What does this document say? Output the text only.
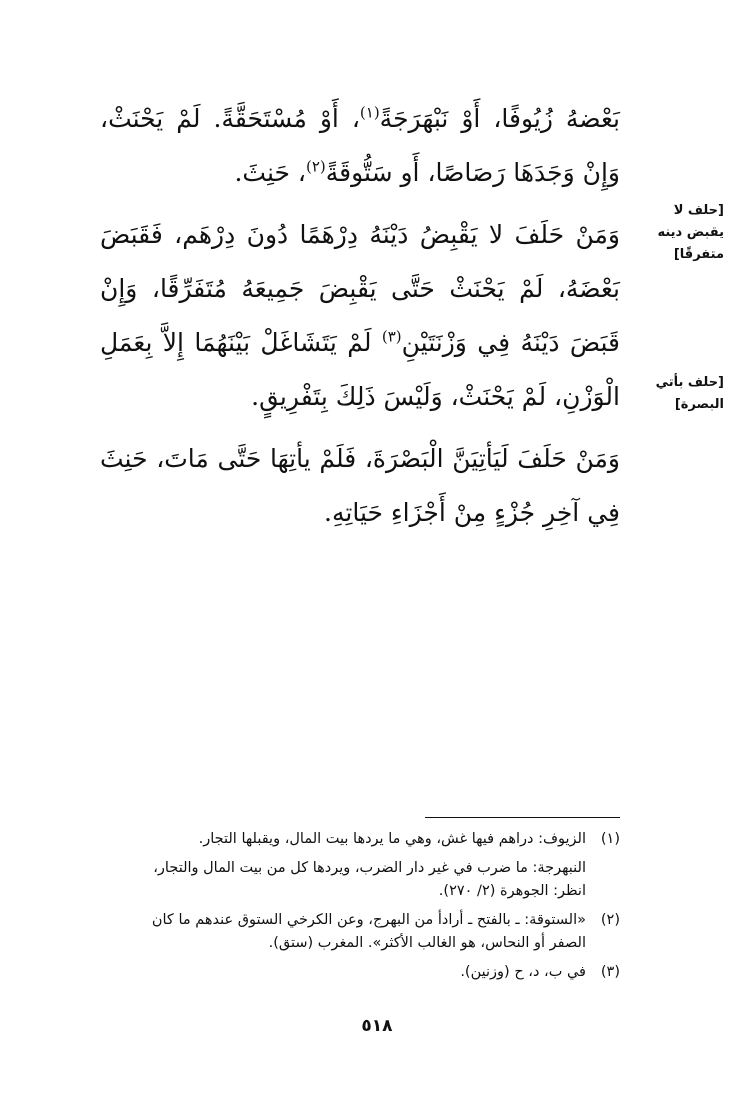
بَعْضهُ زُيُوفًا، أَوْ نَبْهَرَجَةً$^{(١)}$، أَوْ مُسْتَحَقَّةً. لَمْ يَحْنَثْ، وَإِنْ وَجَدَهَا رَصَاصًا، أَو سَتُّوقَةً$^{(٢)}$، حَنِثَ.

وَمَنْ حَلَفَ لا يَقْبِضُ دَيْنَهُ دِرْهَمًا دُونَ دِرْهَم، فَقَبَضَ بَعْضَهُ، لَمْ يَحْنَثْ حَتَّى يَقْبِضَ جَمِيعَهُ مُتَفَرِّقًا، وَإِنْ قَبَضَ دَيْنَهُ فِي وَزْنَتَيْنِ$^{(٣)}$ لَمْ يَتَشَاغَلْ بَيْنَهُمَا إِلاَّ بِعَمَلِ الْوَزْنِ، لَمْ يَحْنَثْ، وَلَيْسَ ذَلِكَ بِتَفْرِيقٍ.

وَمَنْ حَلَفَ لَيَأتِيَنَّ الْبَصْرَةَ، فَلَمْ يأتِهَا حَتَّى مَاتَ، حَنِثَ فِي آخِرِ جُزْءٍ مِنْ أَجْزَاءِ حَيَاتِهِ.

[حلف لا يقبض دينه متفرقًا]
[حلف بأتي البصرة]
(١)
الزيوف: دراهم فيها غش، وهي ما يردها بيت المال، ويقبلها التجار.
النبهرجة: ما ضرب في غير دار الضرب، ويردها كل من بيت المال والتجار،
انظر: الجوهرة (٢/ ٢٧٠).
(٢)
«الستوقة: ـ بالفتح ـ أرادأ من البهرج، وعن الكرخي الستوق عندهم ما كان
الصفر أو النحاس، هو الغالب الأكثر». المغرب (ستق).
(٣)
في ب، د، ح (وزنين).
٥١٨
